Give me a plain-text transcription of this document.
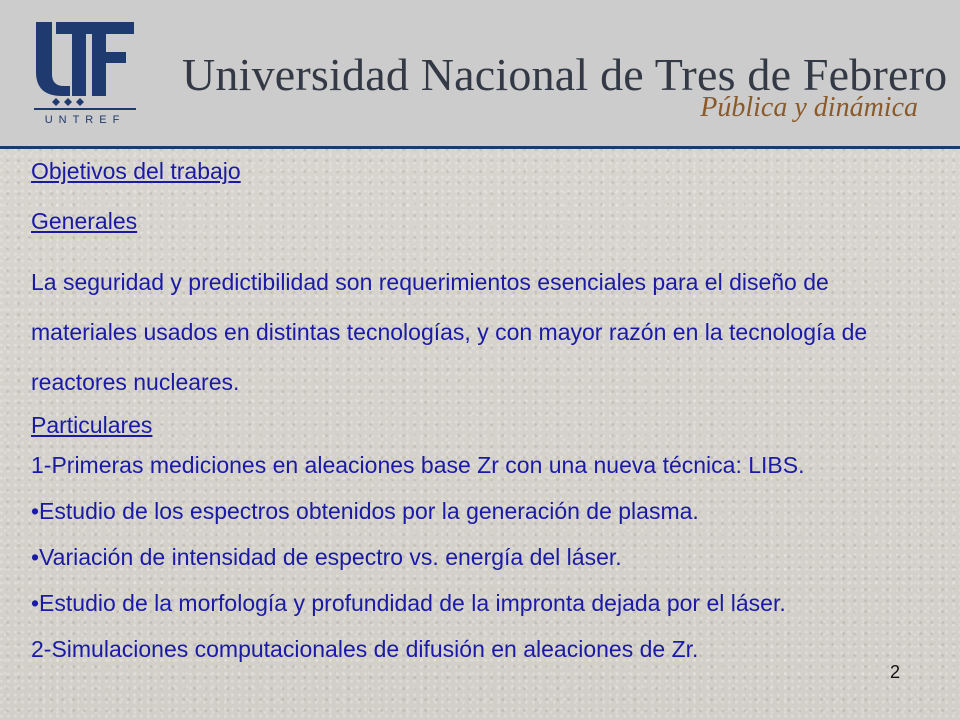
UNTREF
Universidad Nacional de Tres de Febrero

Pública y dinámica

Objetivos del trabajo

Generales

La seguridad y predictibilidad son requerimientos esenciales para el diseño de materiales usados en distintas tecnologías, y con mayor razón en la tecnología de reactores nucleares.

Particulares

1-Primeras mediciones en aleaciones base Zr con una nueva técnica: LIBS.
•Estudio de los espectros obtenidos por la generación de plasma.
•Variación de intensidad de espectro vs. energía del láser.
•Estudio de la morfología y profundidad de la impronta dejada por el láser.
2-Simulaciones computacionales de difusión en aleaciones de Zr.
2
